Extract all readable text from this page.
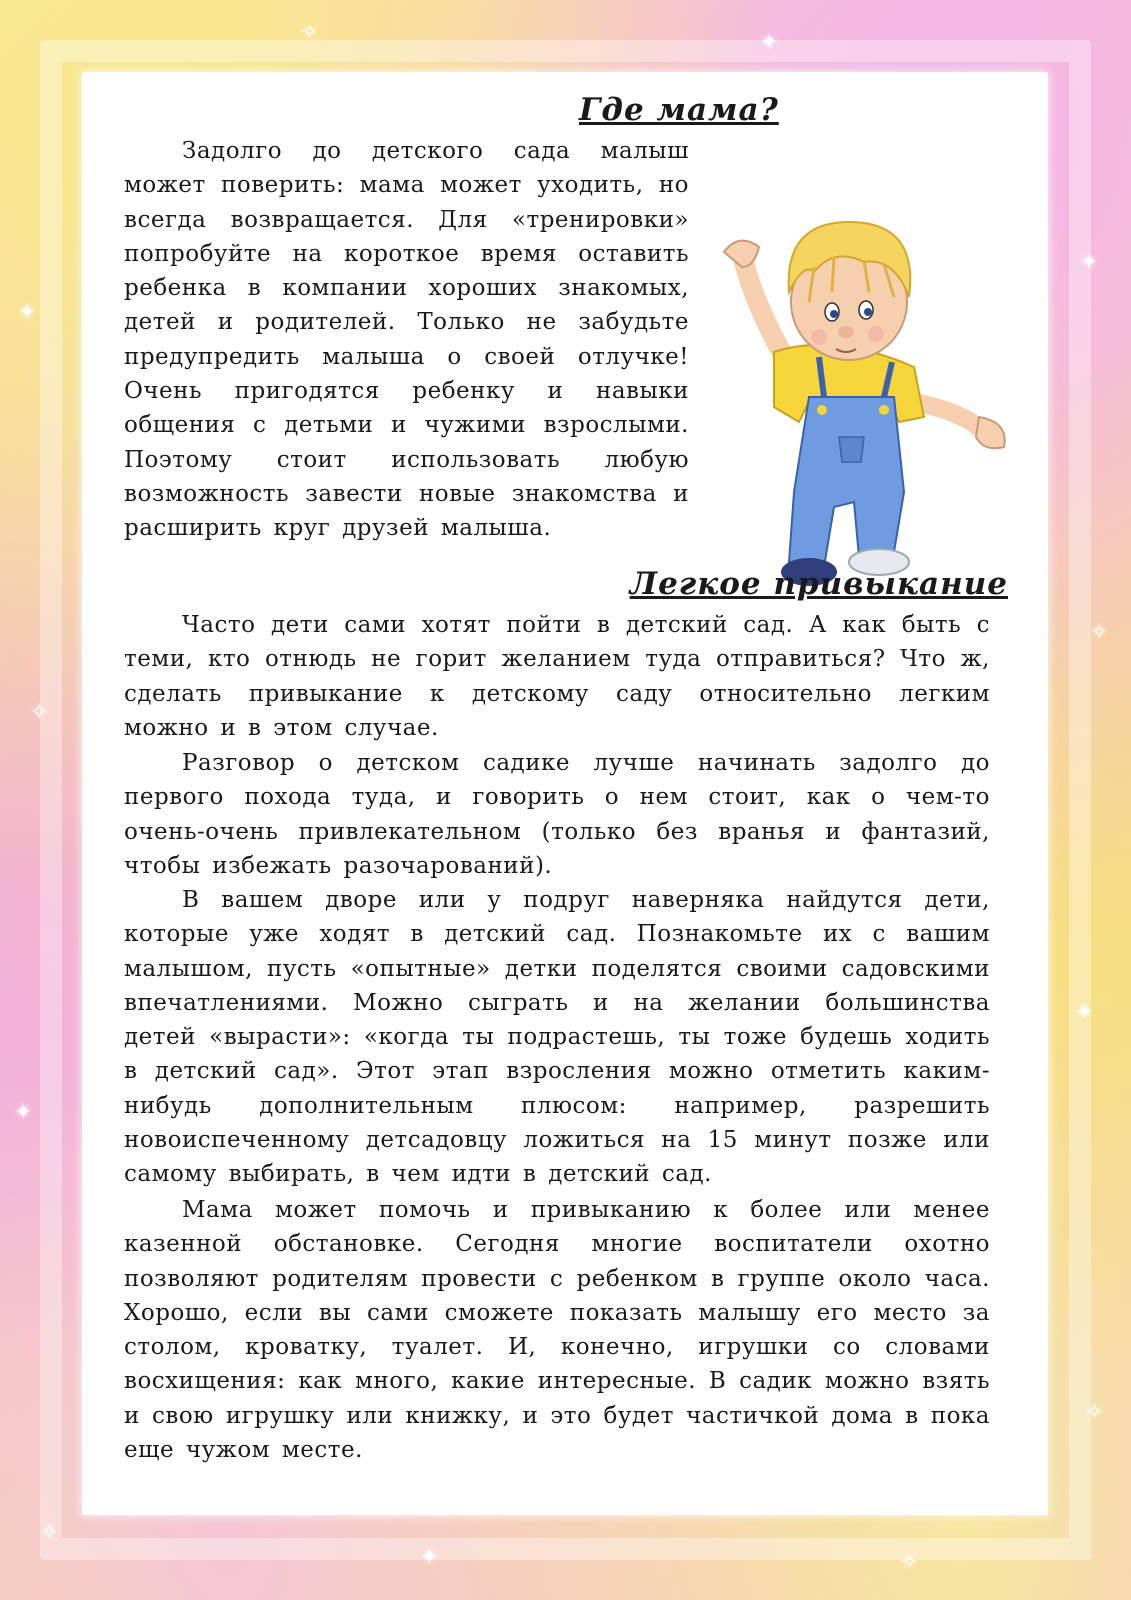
✦
✧
✦
✧
✦
✧
✦
✧
✧	✦
✦	✧
Где мама?

Задолго до детского сада малыш может поверить: мама может уходить, но всегда возвращается. Для «тренировки» попробуйте на короткое время оставить ребенка в компании хороших знакомых, детей и родителей. Только не забудьте предупредить малыша о своей отлучке! Очень пригодятся ребенку и навыки общения с детьми и чужими взрослыми. Поэтому стоит использовать любую возможность завести новые знакомства и расширить круг друзей малыша.

Легкое привыкание

Часто дети сами хотят пойти в детский сад. А как быть с теми, кто отнюдь не горит желанием туда отправиться? Что ж, сделать привыкание к детскому саду относительно легким можно и в этом случае.

Разговор о детском садике лучше начинать задолго до первого похода туда, и говорить о нем стоит, как о чем-то очень-очень привлекательном (только без вранья и фантазий, чтобы избежать разочарований).

В вашем дворе или у подруг наверняка найдутся дети, которые уже ходят в детский сад. Познакомьте их с вашим малышом, пусть «опытные» детки поделятся своими садовскими впечатлениями. Можно сыграть и на желании большинства детей «вырасти»: «когда ты подрастешь, ты тоже будешь ходить в детский сад». Этот этап взросления можно отметить каким-нибудь дополнительным плюсом: например, разрешить новоиспеченному детсадовцу ложиться на 15 минут позже или самому выбирать, в чем идти в детский сад.

Мама может помочь и привыканию к более или менее казенной обстановке. Сегодня многие воспитатели охотно позволяют родителям провести с ребенком в группе около часа. Хорошо, если вы сами сможете показать малышу его место за столом, кроватку, туалет. И, конечно, игрушки со словами восхищения: как много, какие интересные. В садик можно взять и свою игрушку или книжку, и это будет частичкой дома в пока еще чужом месте.
